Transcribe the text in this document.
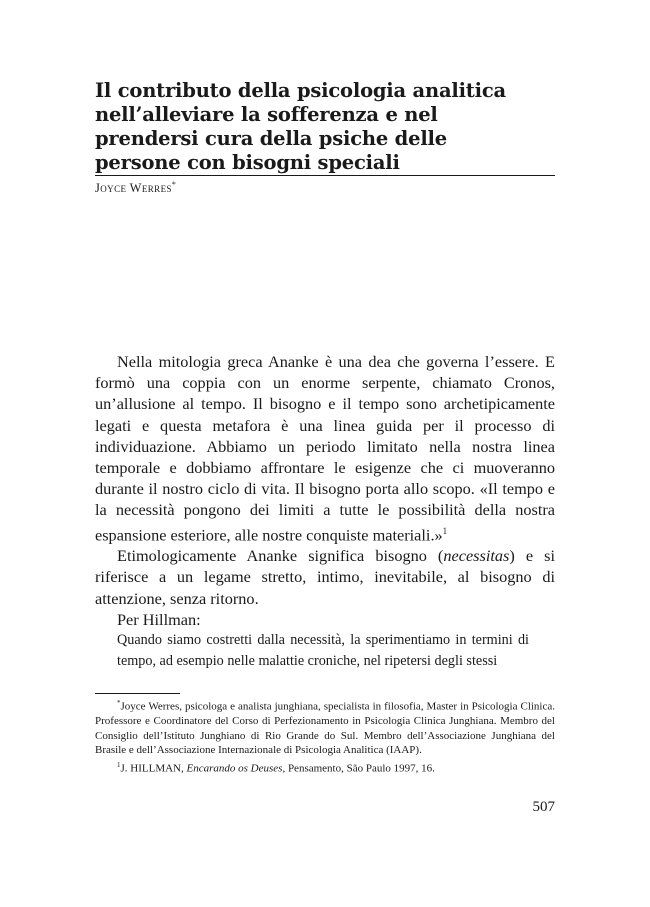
Il contributo della psicologia analitica nell’alleviare la sofferenza e nel prendersi cura della psiche delle persone con bisogni speciali
Joyce Werres*

Nella mitologia greca Ananke è una dea che governa l’essere. E formò una coppia con un enorme serpente, chiamato Cronos, un’allusione al tempo. Il bisogno e il tempo sono archetipicamente legati e questa metafora è una linea guida per il processo di individuazione. Abbiamo un periodo limitato nella nostra linea temporale e dobbiamo affrontare le esigenze che ci muoveranno durante il nostro ciclo di vita. Il bisogno porta allo scopo. «Il tempo e la necessità pongono dei limiti a tutte le possibilità della nostra espansione esteriore, alle nostre conquiste materiali.»$^1$

Etimologicamente Ananke significa bisogno (necessitas) e si riferisce a un legame stretto, intimo, inevitabile, al bisogno di attenzione, senza ritorno.

Per Hillman:

Quando siamo costretti dalla necessità, la sperimentiamo in termini di tempo, ad esempio nelle malattie croniche, nel ripetersi degli stessi

*Joyce Werres, psicologa e analista junghiana, specialista in filosofia, Master in Psicologia Clinica. Professore e Coordinatore del Corso di Perfezionamento in Psicologia Clinica Junghiana. Membro del Consiglio dell’Istituto Junghiano di Rio Grande do Sul. Membro dell’Associazione Junghiana del Brasile e dell’Associazione Internazionale di Psicologia Analitica (IAAP).

$^1$J. HILLMAN, Encarando os Deuses, Pensamento, São Paulo 1997, 16.

507
